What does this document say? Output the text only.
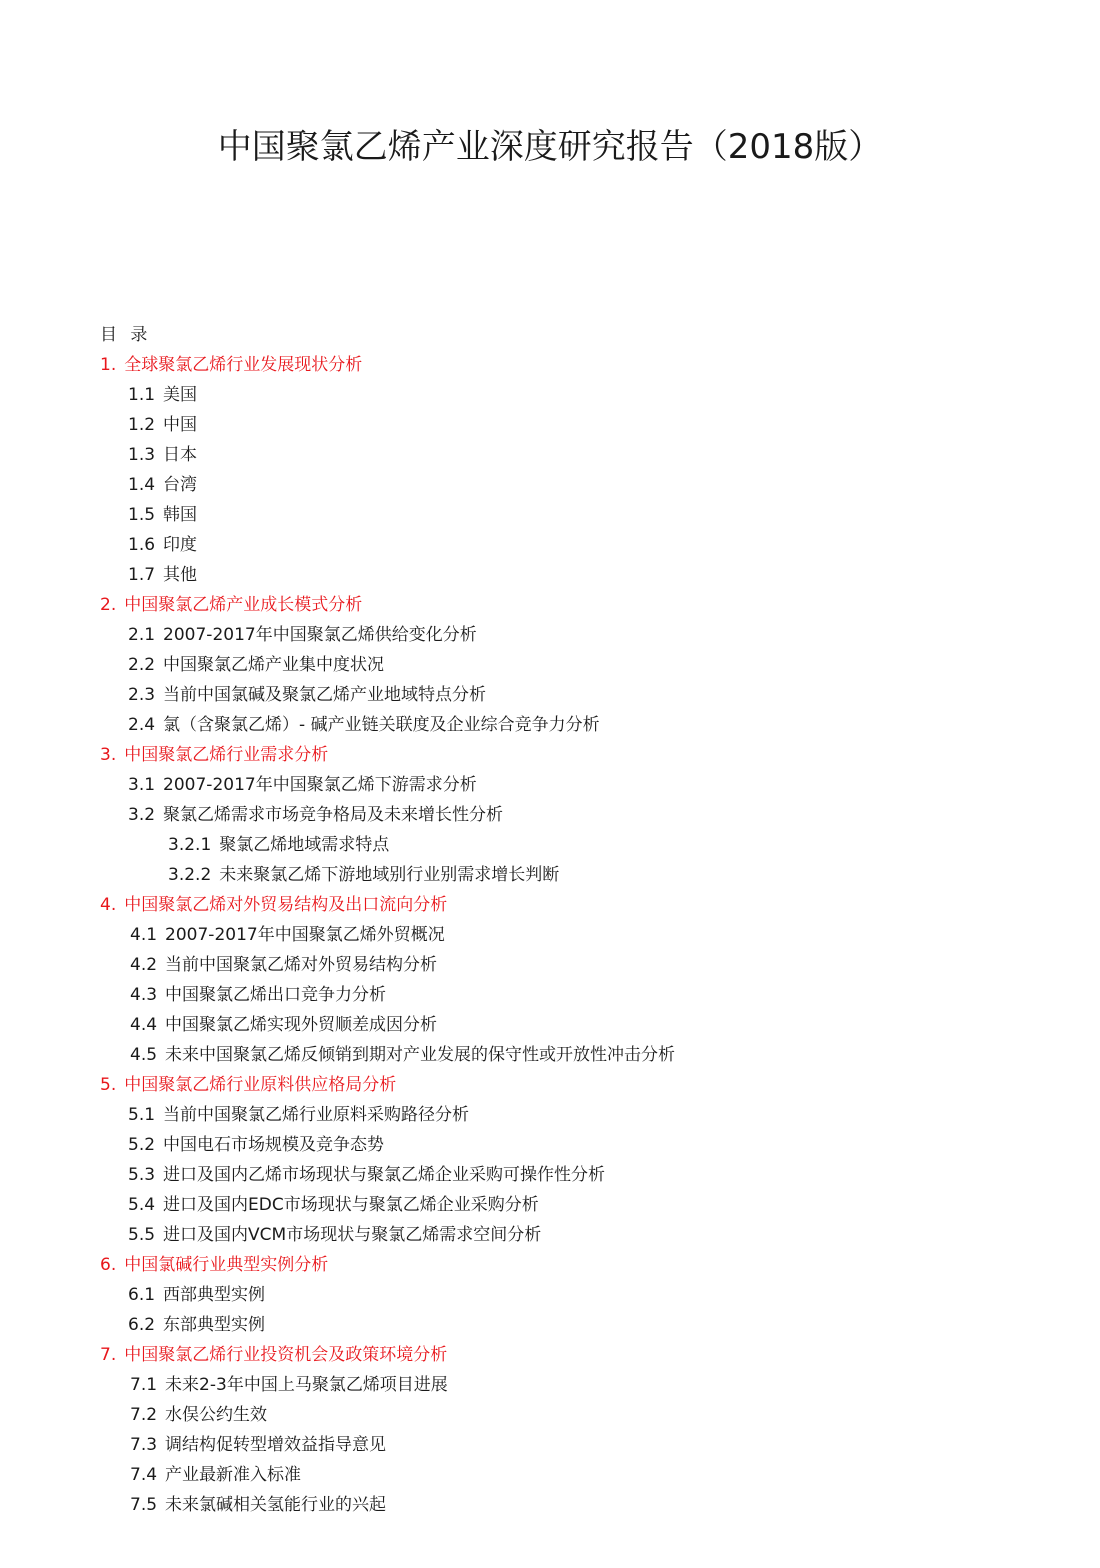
中国聚氯乙烯产业深度研究报告（2018版）
目 录
1. 全球聚氯乙烯行业发展现状分析
1.1 美国
1.2 中国
1.3 日本
1.4 台湾
1.5 韩国
1.6 印度
1.7 其他
2. 中国聚氯乙烯产业成长模式分析
2.1 2007-2017年中国聚氯乙烯供给变化分析
2.2 中国聚氯乙烯产业集中度状况
2.3 当前中国氯碱及聚氯乙烯产业地域特点分析
2.4 氯（含聚氯乙烯）- 碱产业链关联度及企业综合竞争力分析
3. 中国聚氯乙烯行业需求分析
3.1 2007-2017年中国聚氯乙烯下游需求分析
3.2 聚氯乙烯需求市场竞争格局及未来增长性分析
3.2.1 聚氯乙烯地域需求特点
3.2.2 未来聚氯乙烯下游地域别行业别需求增长判断
4. 中国聚氯乙烯对外贸易结构及出口流向分析
4.1 2007-2017年中国聚氯乙烯外贸概况
4.2 当前中国聚氯乙烯对外贸易结构分析
4.3 中国聚氯乙烯出口竞争力分析
4.4 中国聚氯乙烯实现外贸顺差成因分析
4.5 未来中国聚氯乙烯反倾销到期对产业发展的保守性或开放性冲击分析
5. 中国聚氯乙烯行业原料供应格局分析
5.1 当前中国聚氯乙烯行业原料采购路径分析
5.2 中国电石市场规模及竞争态势
5.3 进口及国内乙烯市场现状与聚氯乙烯企业采购可操作性分析
5.4 进口及国内EDC市场现状与聚氯乙烯企业采购分析
5.5 进口及国内VCM市场现状与聚氯乙烯需求空间分析
6. 中国氯碱行业典型实例分析
6.1 西部典型实例
6.2 东部典型实例
7. 中国聚氯乙烯行业投资机会及政策环境分析
7.1 未来2-3年中国上马聚氯乙烯项目进展
7.2 水俣公约生效
7.3 调结构促转型增效益指导意见
7.4 产业最新准入标准
7.5 未来氯碱相关氢能行业的兴起
